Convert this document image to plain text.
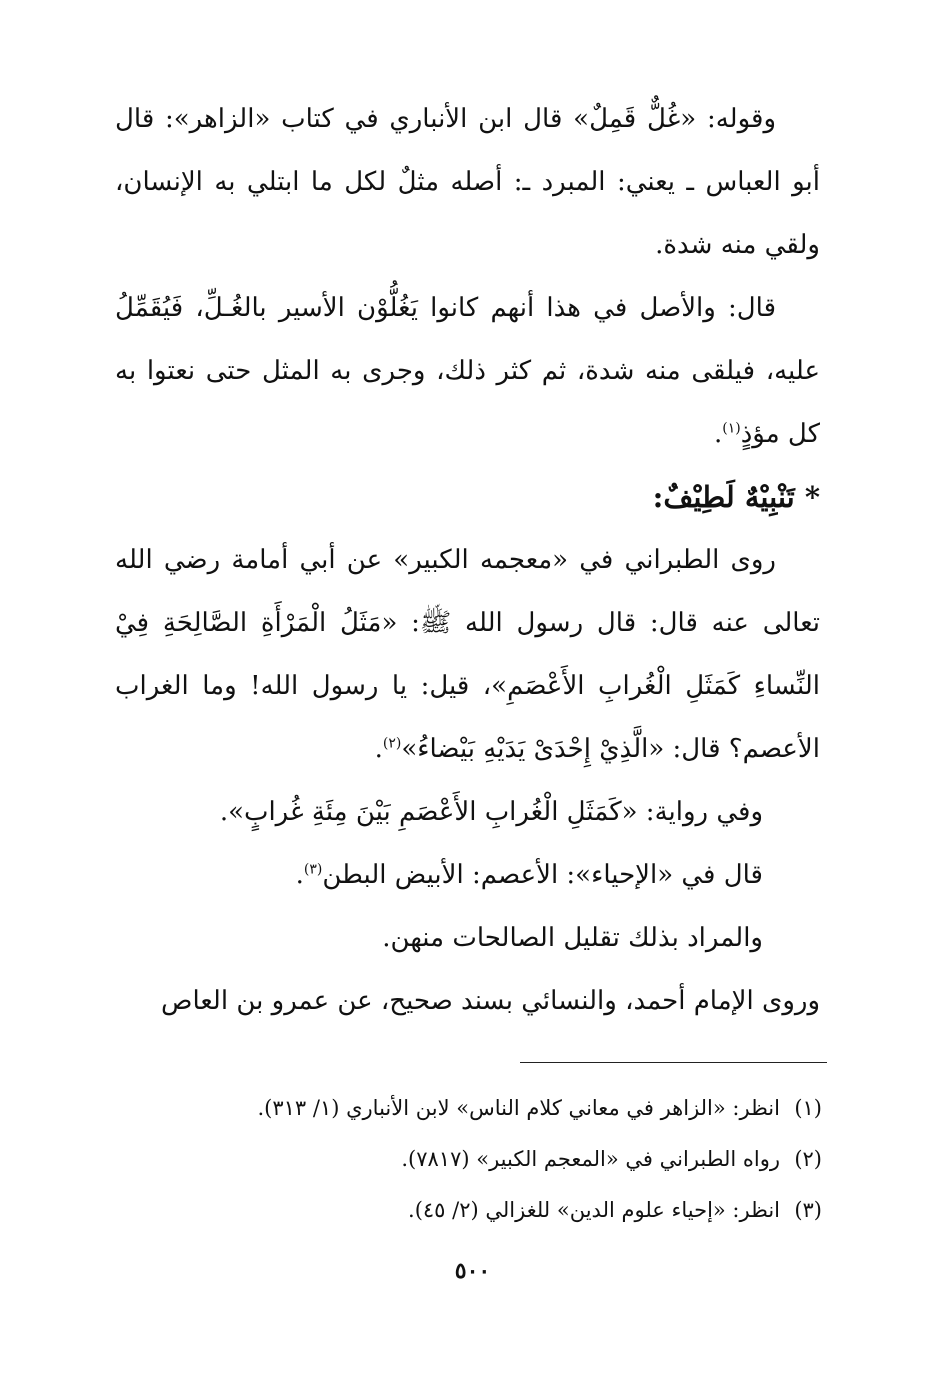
وقوله: «غُلٌّ قَمِلٌ» قال ابن الأنباري في كتاب «الزاهر»: قال أبو العباس ـ يعني: المبرد ـ: أصله مثلٌ لكل ما ابتلي به الإنسان، ولقي منه شدة.

قال: والأصل في هذا أنهم كانوا يَغُلُّوْن الأسير بالغُـلِّ، فَيُقَمِّلُ عليه، فيلقى منه شدة، ثم كثر ذلك، وجرى به المثل حتى نعتوا به كل مؤذٍ$^{(١)}$.

* تَنْبِيْهٌ لَطِيْفٌ:

روى الطبراني في «معجمه الكبير» عن أبي أمامة رضي الله تعالى عنه قال: قال رسول الله ﷺ: «مَثَلُ الْمَرْأَةِ الصَّالِحَةِ فِيْ النِّساءِ كَمَثَلِ الْغُرابِ الأَعْصَمِ»، قيل: يا رسول الله! وما الغراب الأعصم؟ قال: «الَّذِيْ إِحْدَىْ يَدَيْهِ بَيْضاءُ»$^{(٢)}$.

وفي رواية: «كَمَثَلِ الْغُرابِ الأَعْصَمِ بَيْنَ مِئَةِ غُرابٍ».

قال في «الإحياء»: الأعصم: الأبيض البطن$^{(٣)}$.

والمراد بذلك تقليل الصالحات منهن.

وروى الإمام أحمد، والنسائي بسند صحيح، عن عمرو بن العاص

(١)انظر: «الزاهر في معاني كلام الناس» لابن الأنباري (١/ ٣١٣).

(٢)رواه الطبراني في «المعجم الكبير» (٧٨١٧).

(٣)انظر: «إحياء علوم الدين» للغزالي (٢/ ٤٥).

٥٠٠
